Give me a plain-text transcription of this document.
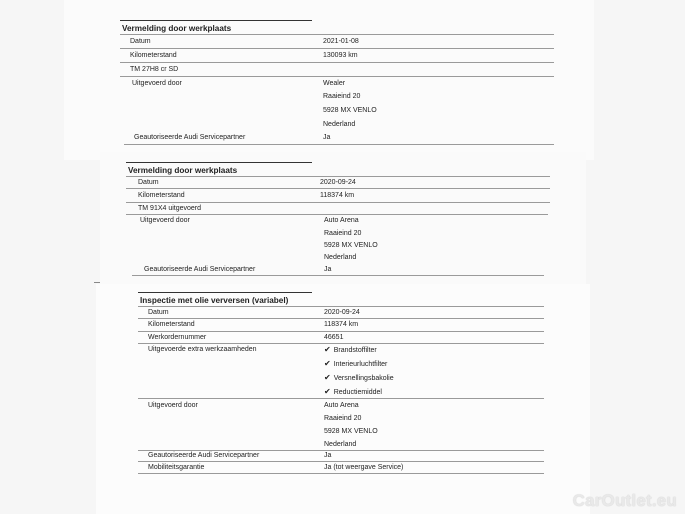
Vermelding door werkplaats
Datum	2021-01-08
Kilometerstand	130093 km
TM 27H8 cr SD
Uitgevoerd door	Wealer
Raaieind 20
5928 MX VENLO
Nederland
Geautoriseerde Audi Servicepartner	Ja
Vermelding door werkplaats
Datum	2020-09-24
Kilometerstand	118374 km
TM 91X4 uitgevoerd
Uitgevoerd door	Auto Arena
Raaieind 20
5928 MX VENLO
Nederland
Geautoriseerde Audi Servicepartner	Ja
Inspectie met olie verversen (variabel)
Datum	2020-09-24
Kilometerstand	118374 km
Werkordernummer	46651
Uitgevoerde extra werkzaamheden	✔ Brandstoffilter
✔ Interieurluchtfilter
✔ Versnellingsbakolie
✔ Reductiemiddel
Uitgevoerd door	Auto Arena
Raaieind 20
5928 MX VENLO
Nederland
Geautoriseerde Audi Servicepartner	Ja
Mobiliteitsgarantie	Ja (tot weergave Service)
CarOutlet.eu
